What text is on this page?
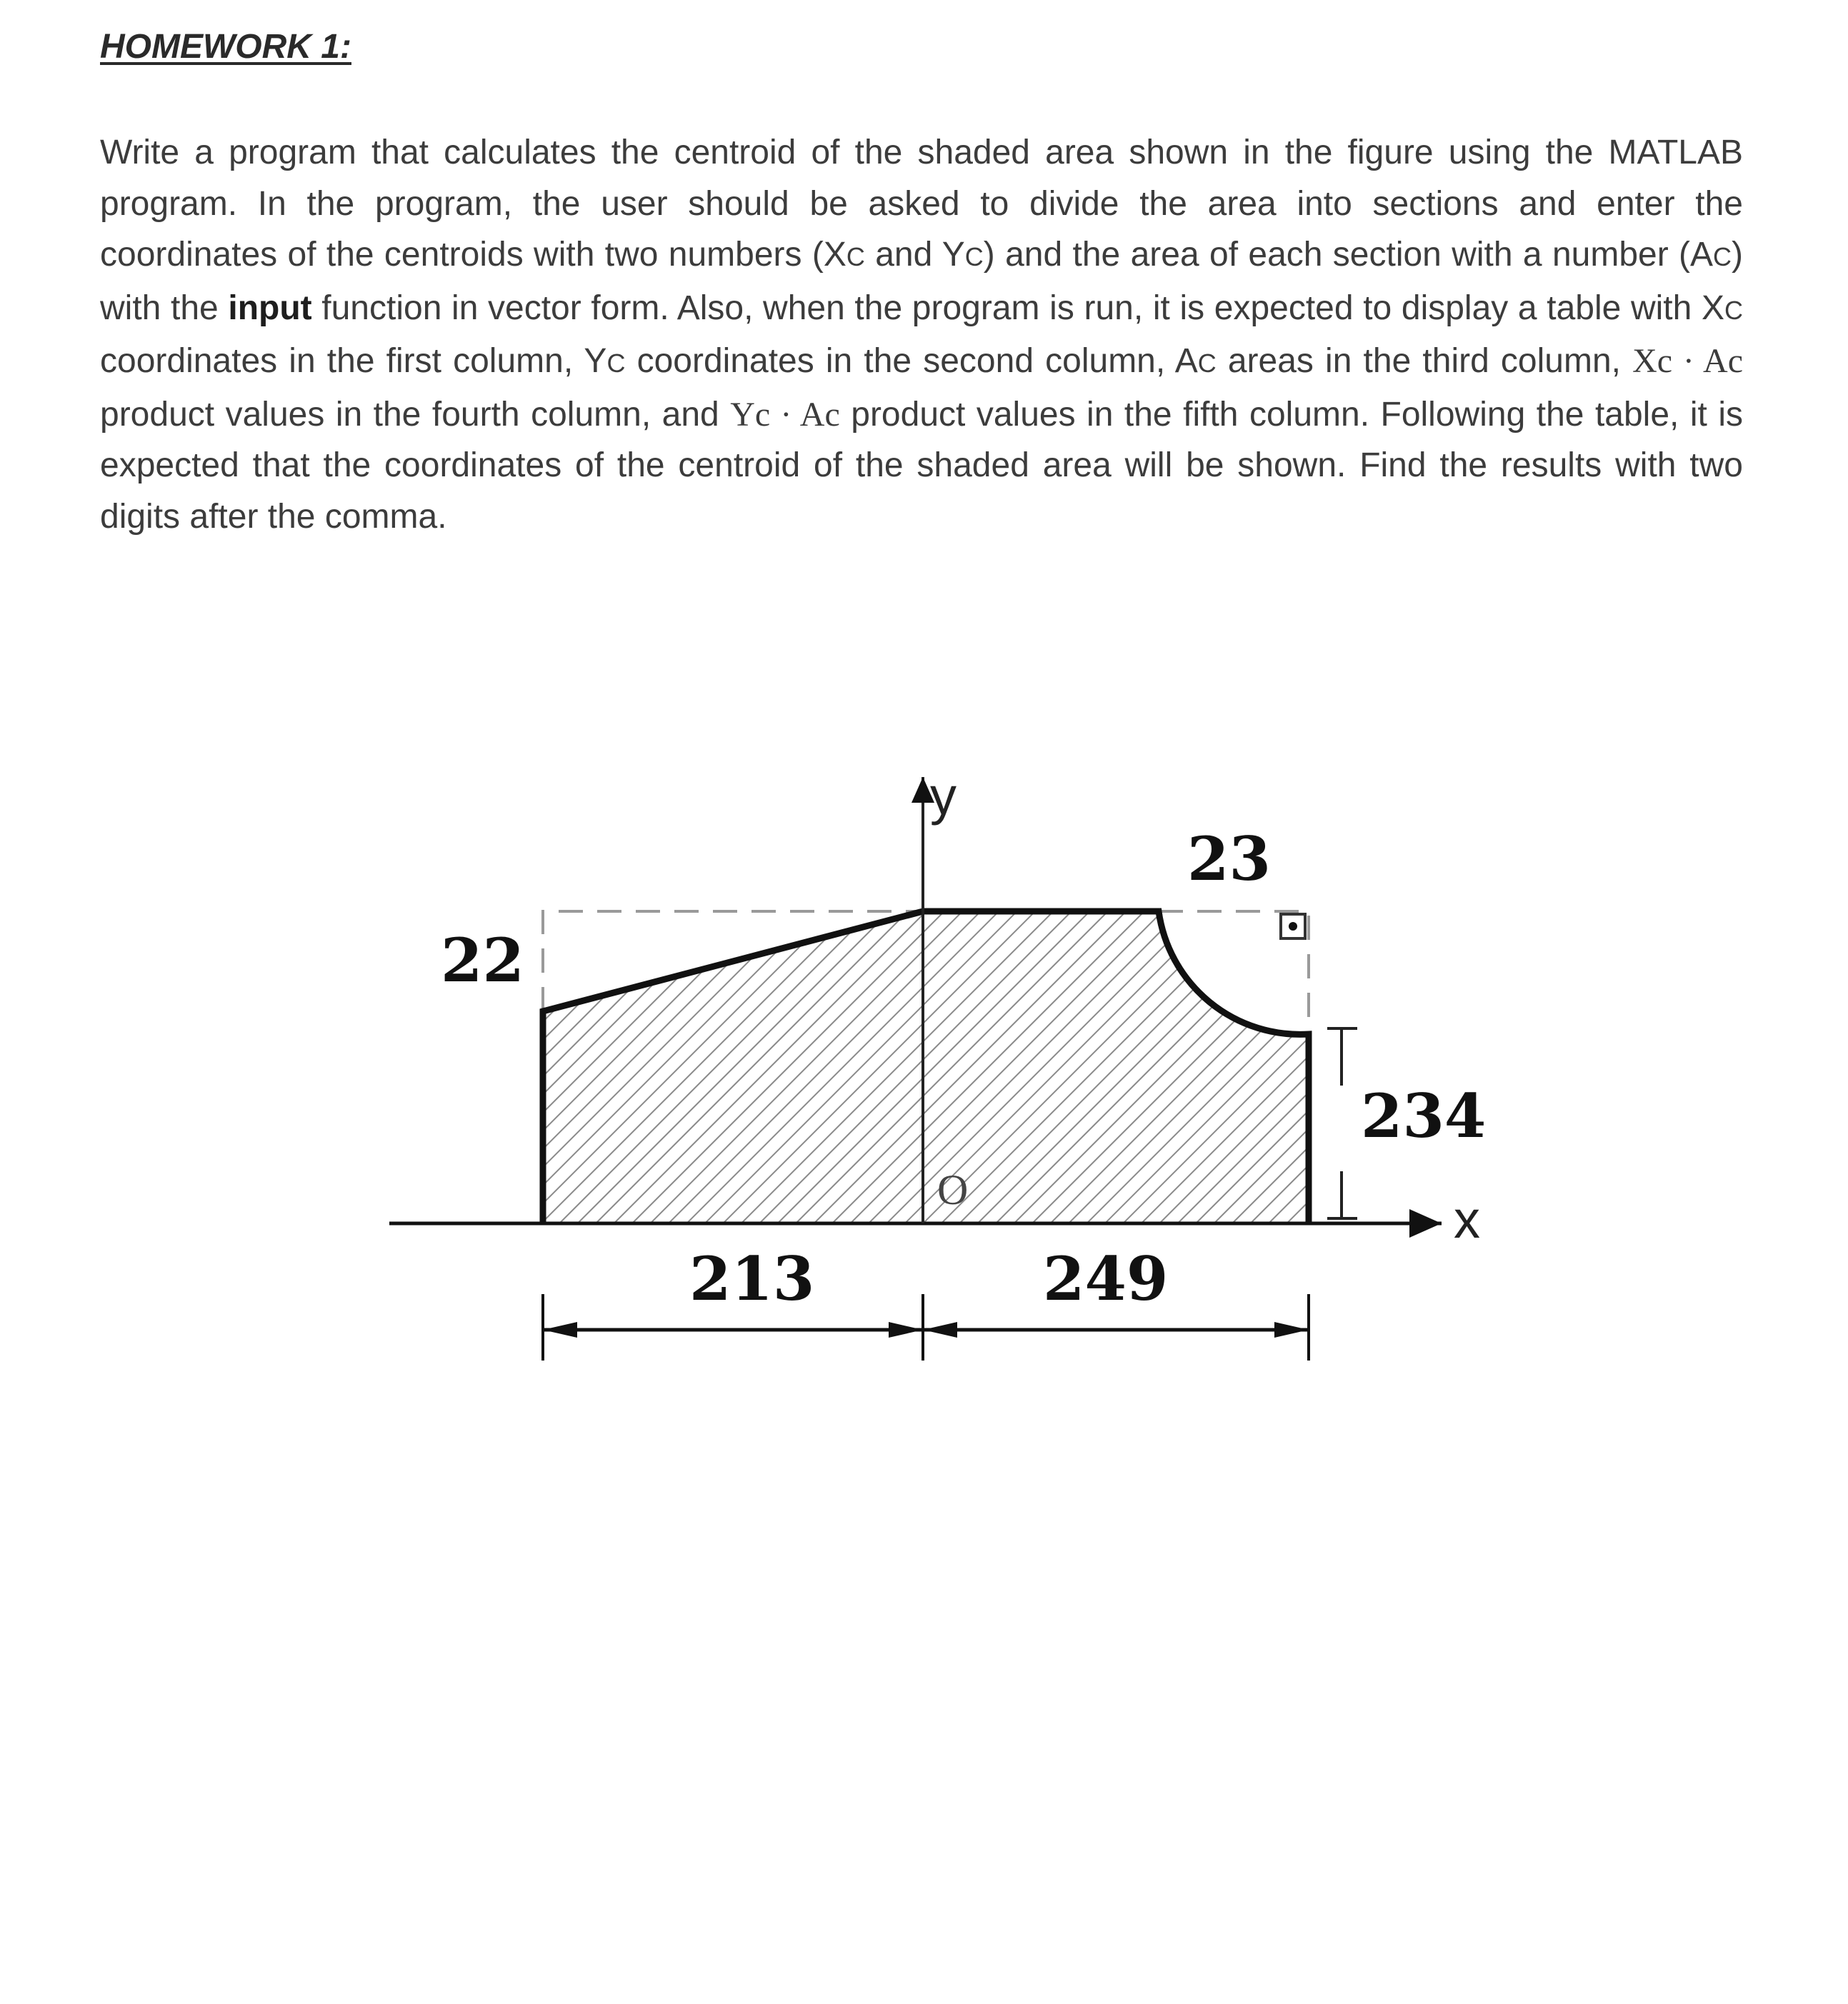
HOMEWORK 1:
Write a program that calculates the centroid of the shaded area shown in the figure using the MATLAB program. In the program, the user should be asked to divide the area into sections and enter the coordinates of the centroids with two numbers (XC and YC) and the area of each section with a number (AC) with the input function in vector form. Also, when the program is run, it is expected to display a table with XC coordinates in the first column, YC coordinates in the second column, AC areas in the third column, Xc · Ac product values in the fourth column, and Yc · Ac product values in the fifth column. Following the table, it is expected that the coordinates of the centroid of the shaded area will be shown. Find the results with two digits after the comma.
y
x
O
22
23
234
213	249
